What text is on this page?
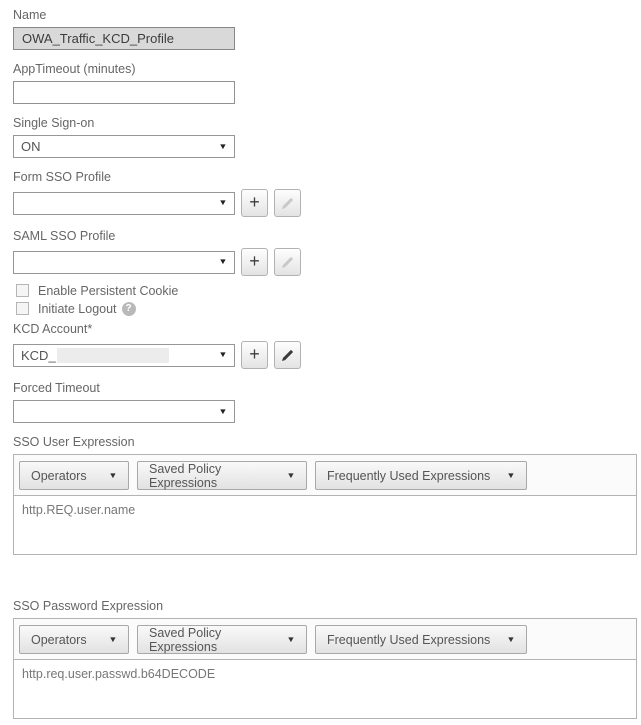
Name
OWA_Traffic_KCD_Profile
AppTimeout (minutes)
Single Sign-on
ON	▼
Form SSO Profile
▼ +
SAML SSO Profile
▼ +
Enable Persistent Cookie
Initiate Logout ?
KCD Account*
KCD_	▼ +
Forced Timeout
▼
SSO User Expression
Operators	▼	Saved Policy Expressions
▼	Frequently Used Expressions ▼
http.REQ.user.name
SSO Password Expression
Operators	▼	Saved Policy Expressions
▼	Frequently Used Expressions ▼
http.req.user.passwd.b64DECODE
